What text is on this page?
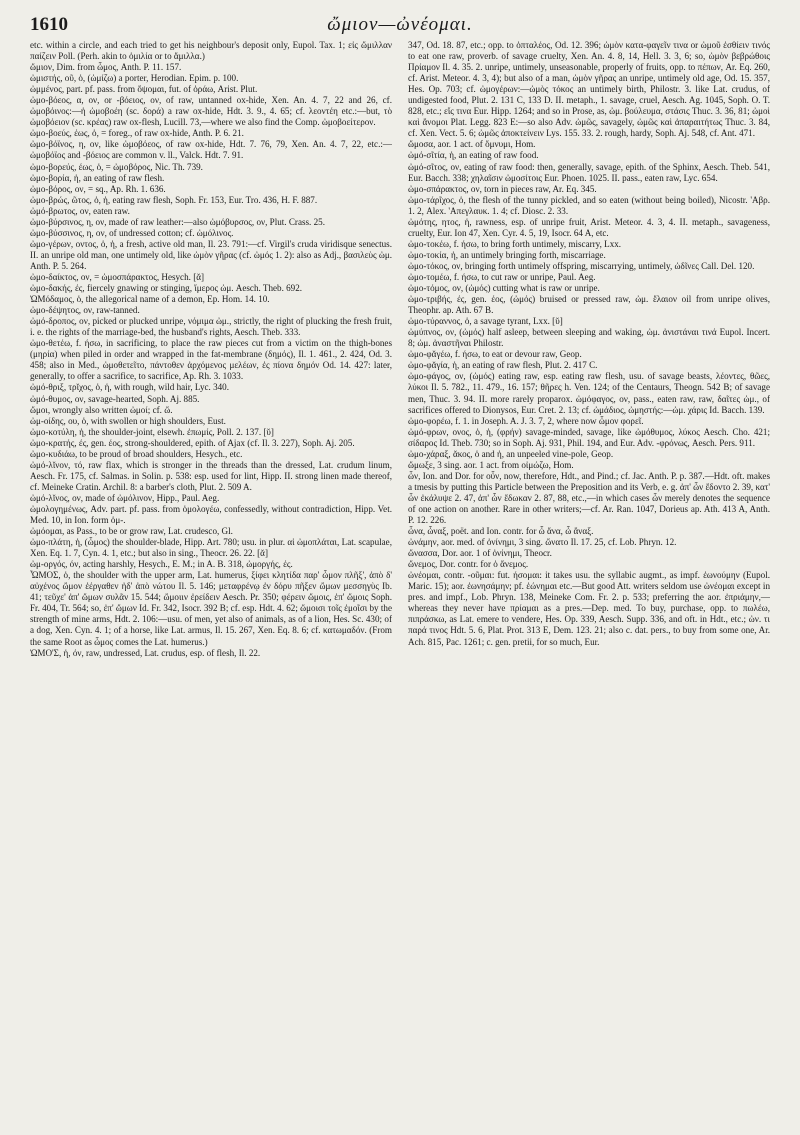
1610	ὤμιον—ὠνέομαι.

etc. within a circle, and each tried to get his neighbour's deposit only, Eupol. Tax. 1; εἰς ὤμιλλαν παίζειν Poll. (Perh. akin to ὁμιλία or to ἅμιλλα.)

ὤμιον, Dim. from ὦμος, Anth. P. 11. 157.

ὠμιστής, οῦ, ὁ, (ὠμίζω) a porter, Herodian. Epim. p. 100.

ὠμμένος, part. pf. pass. from ὄψομαι, fut. of ὁράω, Arist. Plut.

ὠμο-βόεος, α, ον, or -βόειος, ον, of raw, untanned ox-hide, Xen. An. 4. 7, 22 and 26, cf. ὠμοβόινος:—ἡ ὠμοβοέη (sc. δορά) a raw ox-hide, Hdt. 3. 9., 4. 65; cf. λεοντέη etc.:—but, τὸ ὠμοβόειον (sc. κρέας) raw ox-flesh, Lucill. 73,—where we also find the Comp. ὠμοβοείτερον.

ὠμο-βοεύς, έως, ὁ, = foreg., of raw ox-hide, Anth. P. 6. 21.

ὠμο-βόϊνος, η, ον, like ὠμοβόεος, of raw ox-hide, Hdt. 7. 76, 79, Xen. An. 4. 7, 22, etc.:—ὠμοβόϊος and -βόειος are common v. ll., Valck. Hdt. 7. 91.

ὠμο-βορεύς, έως, ὁ, = ὠμοβόρος, Nic. Th. 739.

ὠμο-βορία, ἡ, an eating of raw flesh.

ὠμο-βόρος, ον, = sq., Ap. Rh. 1. 636.

ὠμο-βρώς, ῶτος, ὁ, ἡ, eating raw flesh, Soph. Fr. 153, Eur. Tro. 436, H. F. 887.

ὠμό-βρωτος, ον, eaten raw.

ὠμο-βύρσινος, η, ον, made of raw leather:—also ὠμόβυρσος, ον, Plut. Crass. 25.

ὠμο-βύσσινος, η, ον, of undressed cotton; cf. ὠμόλινος.

ὠμο-γέρων, οντος, ὁ, ἡ, a fresh, active old man, Il. 23. 791:—cf. Virgil's cruda viridisque senectus. II. an unripe old man, one untimely old, like ὠμὸν γῆρας (cf. ὠμός 1. 2): also as Adj., βασιλεὺς ὠμ. Anth. P. 5. 264.

ὠμο-δαίκτος, ον, = ὠμοσπάρακτος, Hesych. [ᾰ]

ὠμο-δακής, ές, fiercely gnawing or stinging, ἵμερος ὠμ. Aesch. Theb. 692.

ὩΜόδαμος, ὁ, the allegorical name of a demon, Ep. Hom. 14. 10.

ὠμο-δέψητος, ον, raw-tanned.

ὠμό-δροπος, ον, picked or plucked unripe, νόμιμα ὠμ., strictly, the right of plucking the fresh fruit, i. e. the rights of the marriage-bed, the husband's rights, Aesch. Theb. 333.

ὠμο-θετέω, f. ήσω, in sacrificing, to place the raw pieces cut from a victim on the thigh-bones (μηρία) when piled in order and wrapped in the fat-membrane (δημός), Il. 1. 461., 2. 424, Od. 3. 458; also in Med., ὠμοθετεῖτο, πάντοθεν ἀρχόμενος μελέων, ἐς πίονα δημόν Od. 14. 427: later, generally, to offer a sacrifice, to sacrifice, Ap. Rh. 3. 1033.

ὠμό-θριξ, τρῐχος, ὁ, ἡ, with rough, wild hair, Lyc. 340.

ὠμό-θυμος, ον, savage-hearted, Soph. Aj. 885.

ὤμοι, wrongly also written ὠμοί; cf. ὤ.

ὠμ-οίδης, ου, ὁ, with swollen or high shoulders, Eust.

ὠμο-κοτύλη, ἡ, the shoulder-joint, elsewh. ἐπωμίς, Poll. 2. 137. [ῠ]

ὠμο-κρατής, ές, gen. έος, strong-shouldered, epith. of Ajax (cf. Il. 3. 227), Soph. Aj. 205.

ὠμο-κυδιάω, to be proud of broad shoulders, Hesych., etc.

ὠμό-λῐνον, τό, raw flax, which is stronger in the threads than the dressed, Lat. crudum linum, Aesch. Fr. 175, cf. Salmas. in Solin. p. 538: esp. used for lint, Hipp. II. strong linen made thereof, cf. Meineke Cratin. Archil. 8: a barber's cloth, Plut. 2. 509 A.

ὠμό-λῐνος, ον, made of ὠμόλινον, Hipp., Paul. Aeg.

ὠμολογημένως, Adv. part. pf. pass. from ὁμολογέω, confessedly, without contradiction, Hipp. Vet. Med. 10, in Ion. form ὁμ-.

ὠμόομαι, as Pass., to be or grow raw, Lat. crudesco, Gl.

ὠμο-πλάτη, ἡ, (ὦμος) the shoulder-blade, Hipp. Art. 780; usu. in plur. αἱ ὠμοπλάται, Lat. scapulae, Xen. Eq. 1. 7, Cyn. 4. 1, etc.; but also in sing., Theocr. 26. 22. [ᾰ]

ὠμ-οργός, όν, acting harshly, Hesych., E. M.; in A. B. 318, ὠμοργής, ές.

ὮΜΟΣ, ὁ, the shoulder with the upper arm, Lat. humerus, ξίφει κλητίδα παρ' ὦμον πλῆξ', ἀπὸ δ' αὐχένος ὤμον ἐέργαθεν ἠδ' ἀπὸ νώτου Il. 5. 146; μεταφρένῳ ἐν δόρυ πῆξεν ὤμων μεσσηγὺς Ib. 41; τεῦχε' ἀπ' ὤμων συλᾶν 15. 544; ὤμοιιν ἐρείδειν Aesch. Pr. 350; φέρειν ὤμοις, ἐπ' ὤμοις Soph. Fr. 404, Tr. 564; so, ἐπ' ὤμων Id. Fr. 342, Isocr. 392 B; cf. esp. Hdt. 4. 62; ὤμοισι τοῖς ἐμοῖσι by the strength of mine arms, Hdt. 2. 106:—usu. of men, yet also of animals, as of a lion, Hes. Sc. 430; of a dog, Xen. Cyn. 4. 1; of a horse, like Lat. armus, Il. 15. 267, Xen. Eq. 8. 6; cf. κατωμαδόν. (From the same Root as ὦμος comes the Lat. humerus.)

ὨΜΟ'Σ, ἡ, όν, raw, undressed, Lat. crudus, esp. of flesh, Il. 22.

347, Od. 18. 87, etc.; opp. to ὀπταλέος, Od. 12. 396; ὠμὸν κατα-φαγεῖν τινα or ὠμοῦ ἐσθίειν τινός to eat one raw, proverb. of savage cruelty, Xen. An. 4. 8, 14, Hell. 3. 3, 6; so, ὠμὸν βεβρώθοις Πρίαμον Il. 4. 35. 2. unripe, untimely, unseasonable, properly of fruits, opp. to πέπων, Ar. Eq. 260, cf. Arist. Meteor. 4. 3, 4); but also of a man, ὠμὸν γῆρας an unripe, untimely old age, Od. 15. 357, Hes. Op. 703; cf. ὠμογέρων:—ὠμὸς τόκος an untimely birth, Philostr. 3. like Lat. crudus, of undigested food, Plut. 2. 131 C, 133 D. II. metaph., 1. savage, cruel, Aesch. Ag. 1045, Soph. O. T. 828, etc.; εἴς τινα Eur. Hipp. 1264; and so in Prose, as, ὠμ. βούλευμα, στάσις Thuc. 3. 36, 81; ὠμοὶ καὶ ἄνομοι Plat. Legg. 823 E:—so also Adv. ὠμῶς, savagely, ὠμῶς καὶ ἀπαραιτήτως Thuc. 3. 84, cf. Xen. Vect. 5. 6; ὠμῶς ἀποκτείνειν Lys. 155. 33. 2. rough, hardy, Soph. Aj. 548, cf. Ant. 471.

ὤμοσα, aor. 1 act. of ὄμνυμι, Hom.

ὠμό-σῖτία, ἡ, an eating of raw food.

ὠμό-σῖτος, ον, eating of raw food: then, generally, savage, epith. of the Sphinx, Aesch. Theb. 541, Eur. Bacch. 338; χηλαῖσιν ὠμοσίτοις Eur. Phoen. 1025. II. pass., eaten raw, Lyc. 654.

ὠμο-σπάρακτος, ον, torn in pieces raw, Ar. Eq. 345.

ὠμο-τάρῖχος, ὁ, the flesh of the tunny pickled, and so eaten (without being boiled), Nicostr. 'Αβρ. 1. 2, Alex. 'Απεγλαυκ. 1. 4; cf. Diosc. 2. 33.

ὠμότης, ητος, ἡ, rawness, esp. of unripe fruit, Arist. Meteor. 4. 3, 4. II. metaph., savageness, cruelty, Eur. Ion 47, Xen. Cyr. 4. 5, 19, Isocr. 64 A, etc.

ὠμο-τοκέω, f. ήσω, to bring forth untimely, miscarry, Lxx.

ὠμο-τοκία, ἡ, an untimely bringing forth, miscarriage.

ὠμο-τόκος, ον, bringing forth untimely offspring, miscarrying, untimely, ὠδῖνες Call. Del. 120.

ὠμο-τομέω, f. ήσω, to cut raw or unripe, Paul. Aeg.

ὠμο-τόμος, ον, (ὠμός) cutting what is raw or unripe.

ὠμο-τριβής, ές, gen. έος, (ὠμός) bruised or pressed raw, ὠμ. ἔλαιον oil from unripe olives, Theophr. ap. Ath. 67 B.

ὠμο-τύραννος, ὁ, a savage tyrant, Lxx. [ῠ]

ὠμύπνος, ον, (ὠμός) half asleep, between sleeping and waking, ὠμ. ἀνιστάναι τινά Eupol. Incert. 8; ὠμ. ἀναστῆναι Philostr.

ὠμο-φᾰγέω, f. ήσω, to eat or devour raw, Geop.

ὠμο-φᾰγία, ἡ, an eating of raw flesh, Plut. 2. 417 C.

ὠμο-φάγος, ον, (ὠμός) eating raw, esp. eating raw flesh, usu. of savage beasts, λέοντες, θῶες, λύκοι Il. 5. 782., 11. 479., 16. 157; θῆρες h. Ven. 124; of the Centaurs, Theogn. 542 B; of savage men, Thuc. 3. 94. II. more rarely proparox. ὠμόφαγος, ον, pass., eaten raw, raw, δαῖτες ὠμ., of sacrifices offered to Dionysos, Eur. Cret. 2. 13; cf. ὠμάδιος, ὠμηστής:—ὠμ. χάρις Id. Bacch. 139.

ὠμο-φορέω, f. 1. in Joseph. A. J. 3. 7, 2, where now ὦμον φορεῖ.

ὠμό-φρων, ονος, ὁ, ἡ, (φρήν) savage-minded, savage, like ὠμόθυμος, λύκος Aesch. Cho. 421; σίδαρος Id. Theb. 730; so in Soph. Aj. 931, Phil. 194, and Eur. Adv. -φρόνως, Aesch. Pers. 911.

ὠμο-χάραξ, ᾰκος, ὁ and ἡ, an unpeeled vine-pole, Geop.

ὤμωξε, 3 sing. aor. 1 act. from οἰμώζω, Hom.

ὦν, Ion. and Dor. for οὖν, now, therefore, Hdt., and Pind.; cf. Jac. Anth. P. p. 387.—Hdt. oft. makes a tmesis by putting this Particle between the Preposition and its Verb, e. g. ἀπ' ὦν ἔδοντο 2. 39, κατ' ὦν ἐκάλυψε 2. 47, ἀπ' ὦν ἔδωκαν 2. 87, 88, etc.,—in which cases ὦν merely denotes the sequence of one action on another. Rare in other writers;—cf. Ar. Ran. 1047, Dorieus ap. Ath. 413 A, Anth. P. 12. 226.

ὦνα, ὦναξ, poët. and Ion. contr. for ὦ ἄνα, ὦ ἄναξ.

ὠνάμην, aor. med. of ὀνίνημι, 3 sing. ὤνατο Il. 17. 25, cf. Lob. Phryn. 12.

ὤνασσα, Dor. aor. 1 of ὀνίνημι, Theocr.

ὤνεμος, Dor. contr. for ὁ ἄνεμος.

ὠνέομαι, contr. -οῦμαι: fut. ήσομαι: it takes usu. the syllabic augmt., as impf. ἐωνούμην (Eupol. Maric. 15); aor. ἐωνησάμην; pf. ἐώνημαι etc.—But good Att. writers seldom use ὠνέομαι except in pres. and impf., Lob. Phryn. 138, Meineke Com. Fr. 2. p. 533; preferring the aor. ἐπριάμην,—whereas they never have πρίαμαι as a pres.—Dep. med. To buy, purchase, opp. to πωλέω, πιπράσκω, as Lat. emere to vendere, Hes. Op. 339, Aesch. Supp. 336, and oft. in Hdt., etc.; ὠν. τι παρά τινος Hdt. 5. 6, Plat. Prot. 313 E, Dem. 123. 21; also c. dat. pers., to buy from some one, Ar. Ach. 815, Pac. 1261; c. gen. pretii, for so much, Eur.
